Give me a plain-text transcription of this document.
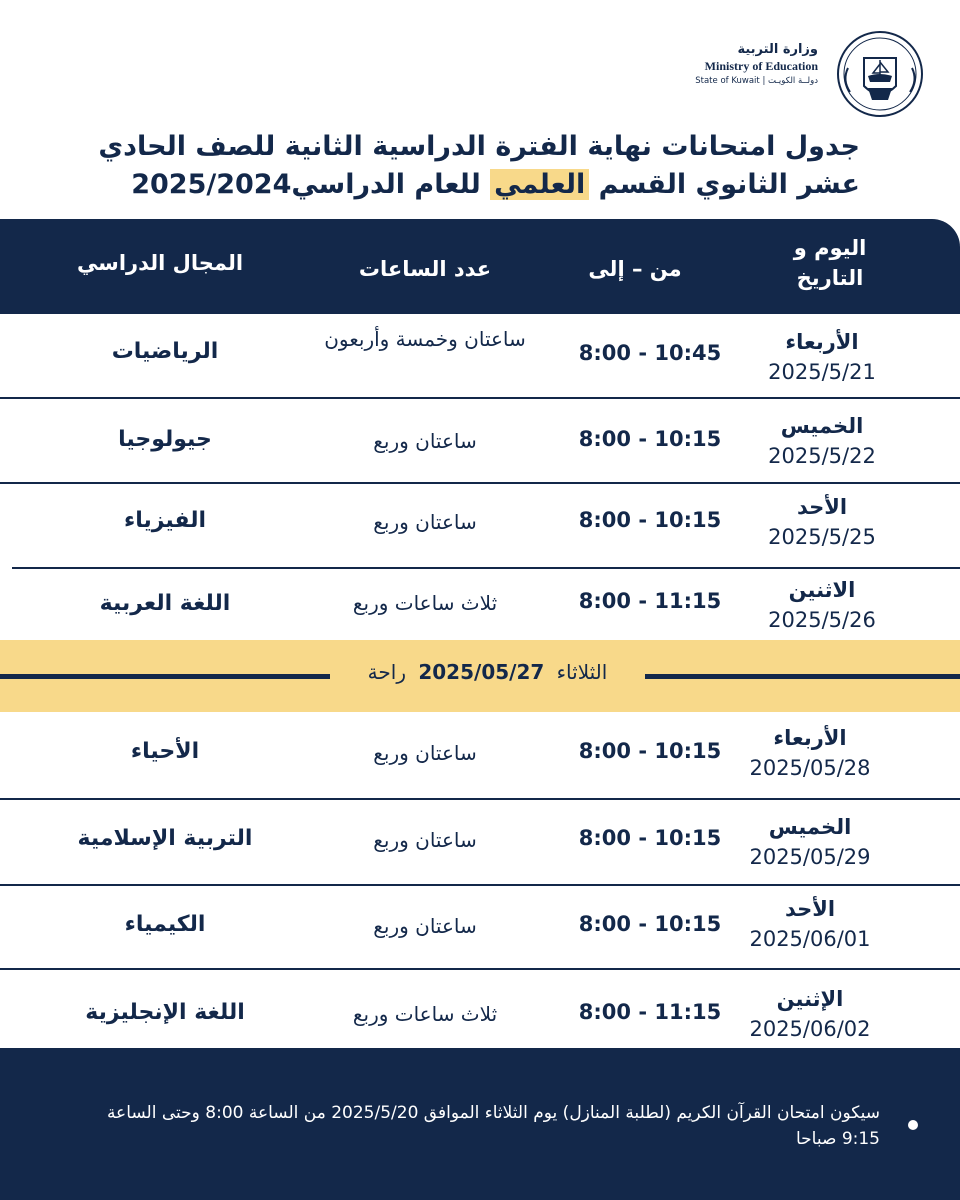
وزارة التربية
Ministry of Education
State of Kuwait | دولــة الكويـت
جدول امتحانات نهاية الفترة الدراسية الثانية للصف الحادي
عشر الثانوي القسم العلمي للعام الدراسي2025/2024
اليوم و التاريخ
من – إلى
عدد الساعات
المجال الدراسي
الأربعاء
2025/5/21
8:00 - 10:45
ساعتان وخمسة وأربعون
الرياضيات
الخميس
2025/5/22
8:00 - 10:15
ساعتان وربع
جيولوجيا
الأحد
2025/5/25
8:00 - 10:15
ساعتان وربع
الفيزياء
الاثنين
2025/5/26
8:00 - 11:15
ثلاث ساعات وربع
اللغة العربية
الثلاثاء 2025/05/27 راحة
الأربعاء
2025/05/28
8:00 - 10:15
ساعتان وربع
الأحياء
الخميس
2025/05/29
8:00 - 10:15
ساعتان وربع
التربية الإسلامية
الأحد
2025/06/01
8:00 - 10:15
ساعتان وربع
الكيمياء
الإثنين
2025/06/02
8:00 - 11:15
ثلاث ساعات وربع
اللغة الإنجليزية
سيكون امتحان القرآن الكريم (لطلبة المنازل) يوم الثلاثاء الموافق 2025/5/20 من الساعة 8:00 وحتى الساعة 9:15 صباحا
